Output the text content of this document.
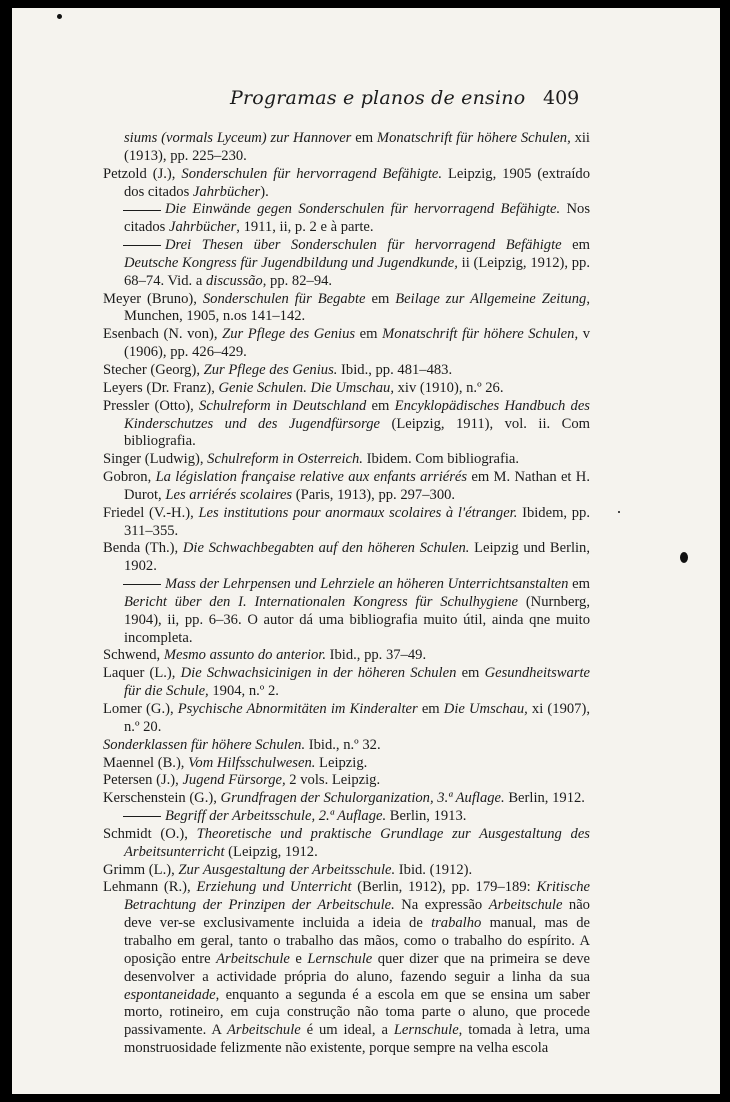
Programas e planos de ensino 409
siums (vormals Lyceum) zur Hannover em Monatschrift für höhere Schulen, xii (1913), pp. 225–230.
Petzold (J.), Sonderschulen für hervorragend Befähigte. Leipzig, 1905 (extraído dos citados Jahrbücher).
Die Einwände gegen Sonderschulen für hervorragend Befähigte. Nos citados Jahrbücher, 1911, ii, p. 2 e à parte.
Drei Thesen über Sonderschulen für hervorragend Befähigte em Deutsche Kongress für Jugendbildung und Jugendkunde, ii (Leipzig, 1912), pp. 68–74. Vid. a discussão, pp. 82–94.
Meyer (Bruno), Sonderschulen für Begabte em Beilage zur Allgemeine Zeitung, Munchen, 1905, n.os 141–142.
Esenbach (N. von), Zur Pflege des Genius em Monatschrift für höhere Schulen, v (1906), pp. 426–429.
Stecher (Georg), Zur Pflege des Genius. Ibid., pp. 481–483.
Leyers (Dr. Franz), Genie Schulen. Die Umschau, xiv (1910), n.º 26.
Pressler (Otto), Schulreform in Deutschland em Encyklopädisches Handbuch des Kinderschutzes und des Jugendfürsorge (Leipzig, 1911), vol. ii. Com bibliografia.
Singer (Ludwig), Schulreform in Osterreich. Ibidem. Com bibliografia.
Gobron, La législation française relative aux enfants arriérés em M. Nathan et H. Durot, Les arriérés scolaires (Paris, 1913), pp. 297–300.
Friedel (V.-H.), Les institutions pour anormaux scolaires à l'étranger. Ibidem, pp. 311–355.
Benda (Th.), Die Schwachbegabten auf den höheren Schulen. Leipzig und Berlin, 1902.
Mass der Lehrpensen und Lehrziele an höheren Unterrichtsanstalten em Bericht über den I. Internationalen Kongress für Schulhygiene (Nurnberg, 1904), ii, pp. 6–36. O autor dá uma bibliografia muito útil, ainda qne muito incompleta.
Schwend, Mesmo assunto do anterior. Ibid., pp. 37–49.
Laquer (L.), Die Schwachsicinigen in der höheren Schulen em Gesundheitswarte für die Schule, 1904, n.º 2.
Lomer (G.), Psychische Abnormitäten im Kinderalter em Die Umschau, xi (1907), n.º 20.
Sonderklassen für höhere Schulen. Ibid., n.º 32.
Maennel (B.), Vom Hilfsschulwesen. Leipzig.
Petersen (J.), Jugend Fürsorge, 2 vols. Leipzig.
Kerschenstein (G.), Grundfragen der Schulorganization, 3.ª Auflage. Berlin, 1912.
Begriff der Arbeitsschule, 2.ª Auflage. Berlin, 1913.
Schmidt (O.), Theoretische und praktische Grundlage zur Ausgestaltung des Arbeitsunterricht (Leipzig, 1912.
Grimm (L.), Zur Ausgestaltung der Arbeitsschule. Ibid. (1912).
Lehmann (R.), Erziehung und Unterricht (Berlin, 1912), pp. 179–189: Kritische Betrachtung der Prinzipen der Arbeitschule. Na expressão Arbeitschule não deve ver-se exclusivamente incluida a ideia de trabalho manual, mas de trabalho em geral, tanto o trabalho das mãos, como o trabalho do espírito. A oposição entre Arbeitschule e Lernschule quer dizer que na primeira se deve desenvolver a actividade própria do aluno, fazendo seguir a linha da sua espontaneidade, enquanto a segunda é a escola em que se ensina um saber morto, rotineiro, em cuja construção não toma parte o aluno, que procede passivamente. A Arbeitschule é um ideal, a Lernschule, tomada à letra, uma monstruosidade felizmente não existente, porque sempre na velha escola
